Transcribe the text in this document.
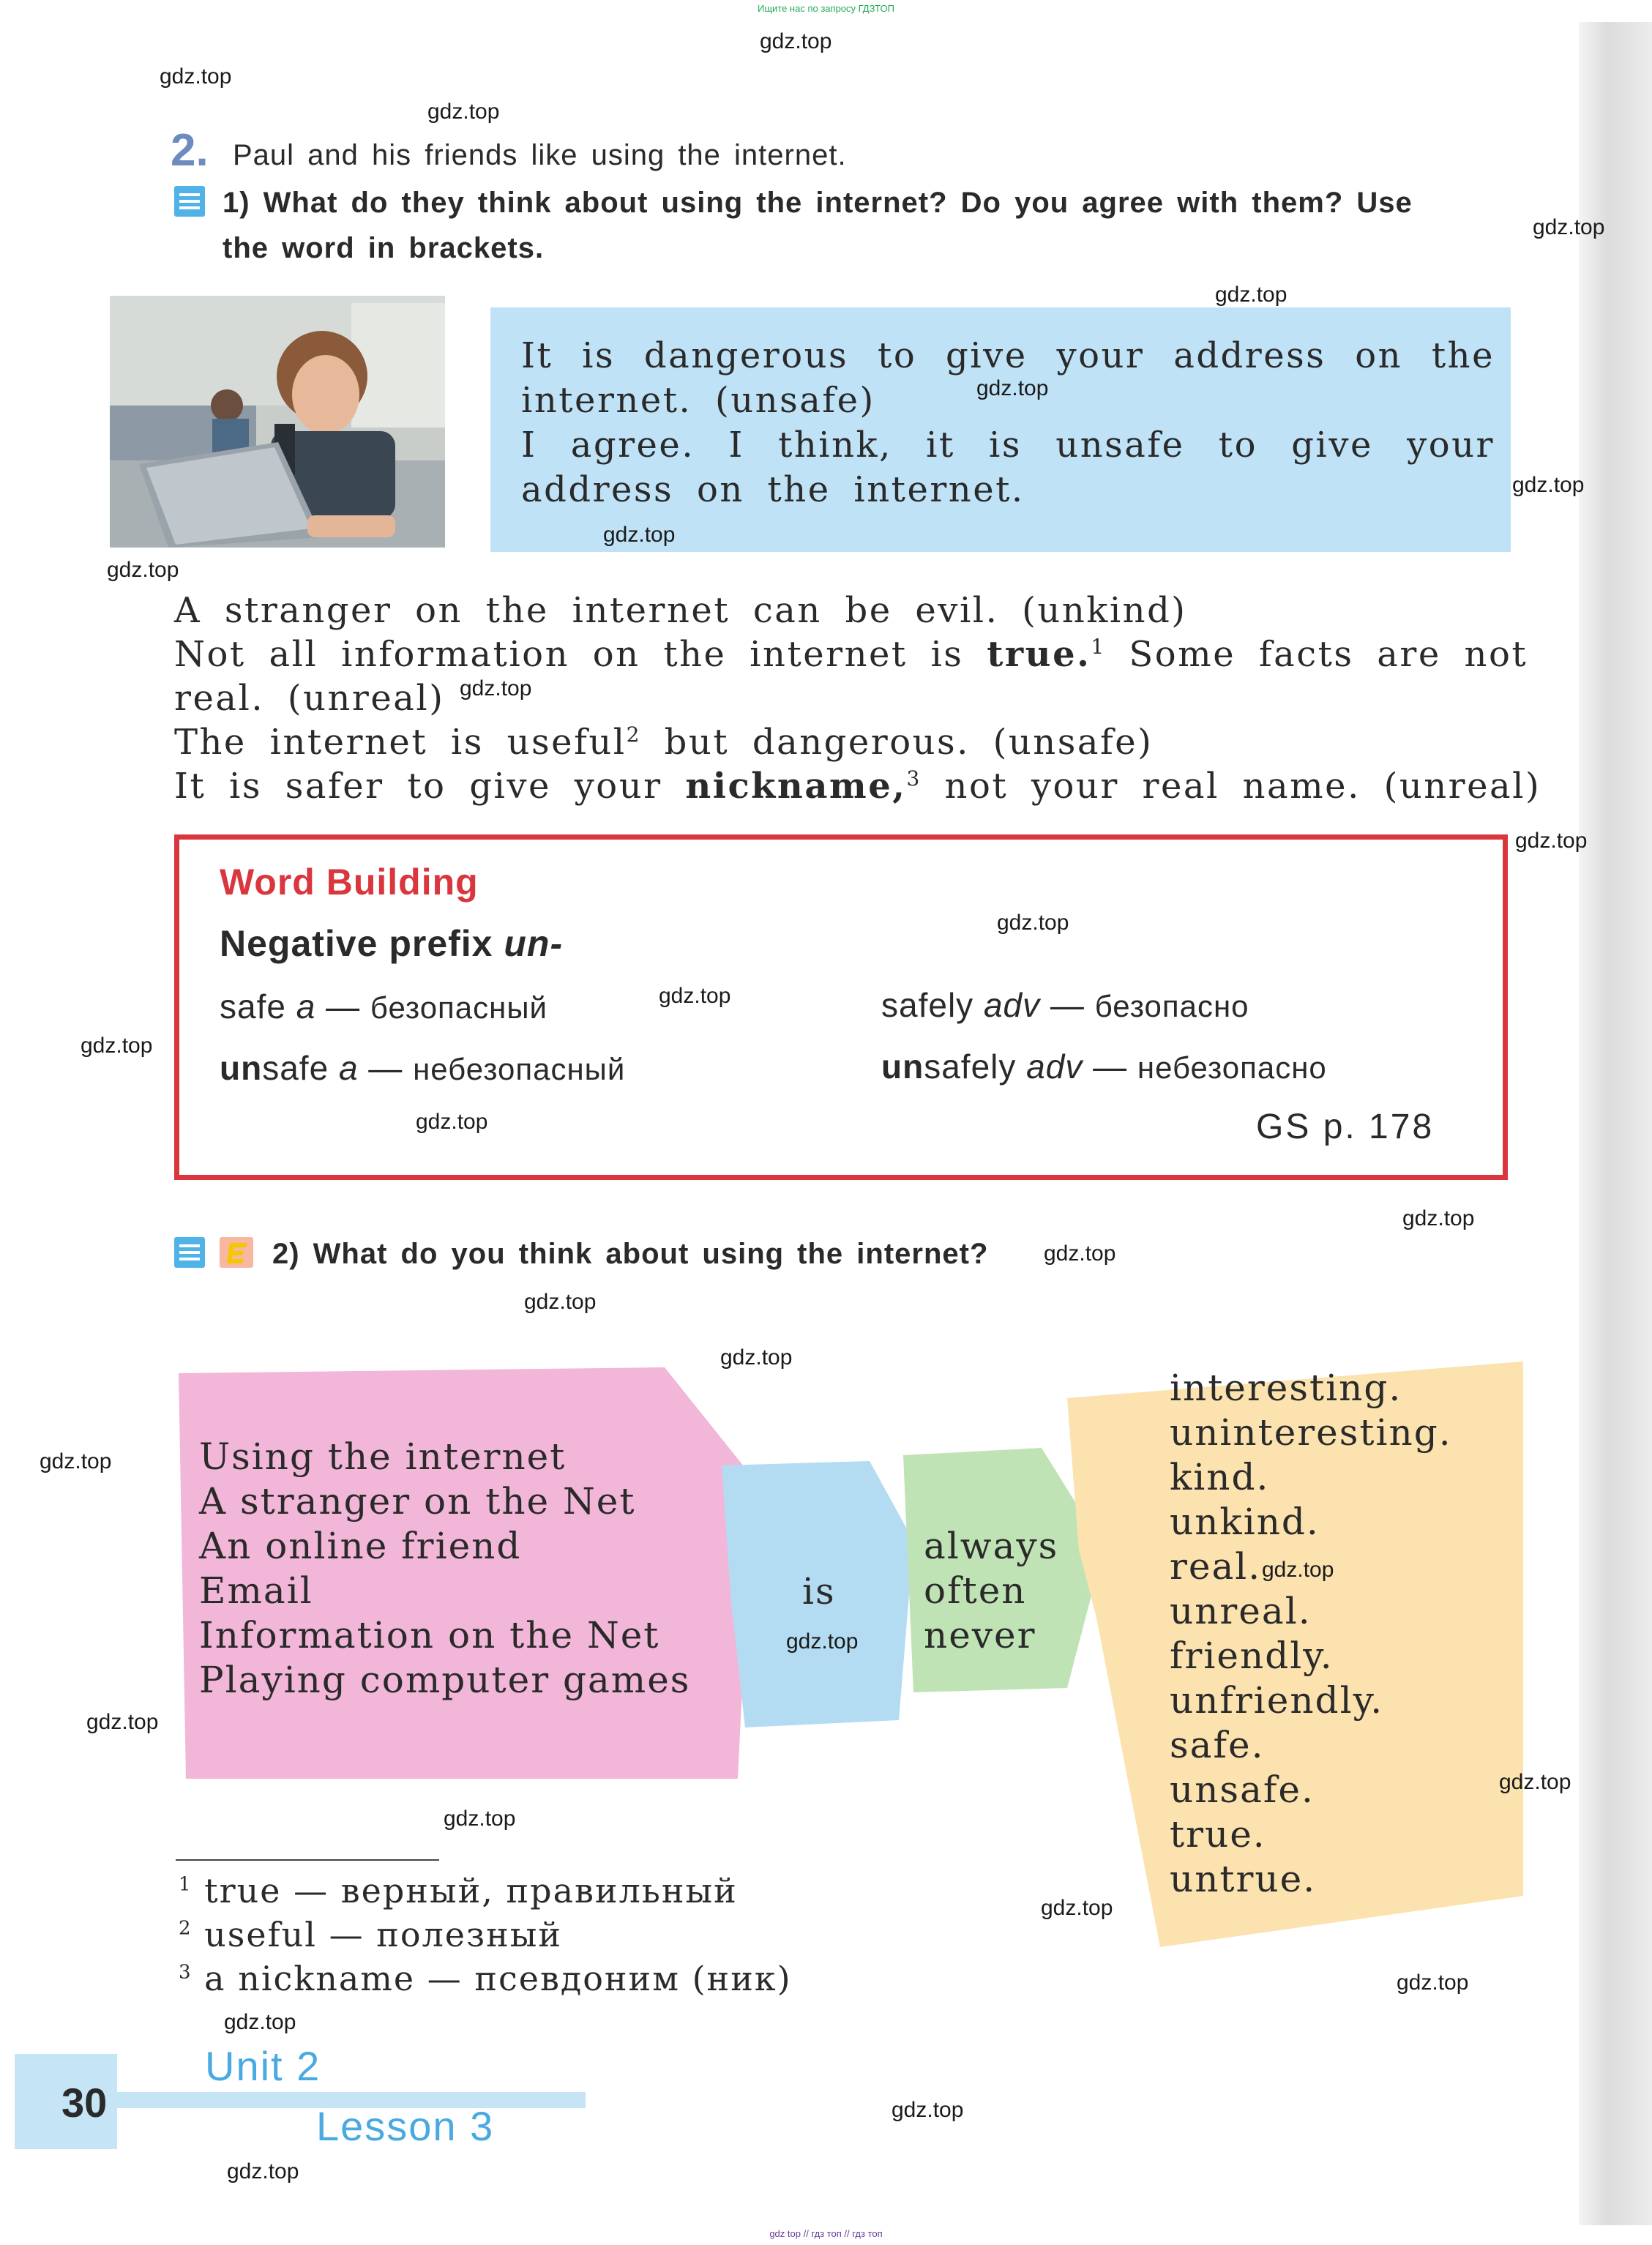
Ищите нас по запросу ГДЗТОП
2. Paul and his friends like using the internet.
1) What do they think about using the internet? Do you agree with them? Use
the word in brackets.
It is dangerous to give your address on the
internet. (unsafe)
I agree. I think, it is unsafe to give your
address on the internet.
A stranger on the internet can be evil. (unkind)
Not all information on the internet is true.$^1$ Some facts are not
real. (unreal)
The internet is useful$^2$ but dangerous. (unsafe)
It is safer to give your nickname,$^3$ not your real name. (unreal)
Word Building
Negative prefix un-
safe a — безопасный	safely adv — безопасно
unsafe a — небезопасный	unsafely adv — небезопасно
GS p. 178
2) What do you think about using the internet?
Using the internet
A stranger on the Net
An online friend
Email
Information on the Net
Playing computer games
is
always
often
never
interesting.
uninteresting.
kind.
unkind.
real.
unreal.
friendly.
unfriendly.
safe.
unsafe.
true.
untrue.
$^1$ true — верный, правильный
$^2$ useful — полезный
$^3$ a nickname — псевдоним (ник)
30
Unit 2
Lesson 3
gdz.top
gdz.top
gdz.top
gdz.top
gdz.top
gdz.top
gdz.top
gdz.top
gdz.top
gdz.top
gdz.top
gdz.top
gdz.top
gdz.top
gdz.top
gdz.top
gdz.top
gdz.top
gdz.top
gdz.top
gdz.top
gdz.top
gdz.top
gdz.top
gdz.top
gdz.top
gdz.top
gdz.top
gdz.top
gdz.top
gdz top // гдз топ // гдз топ
